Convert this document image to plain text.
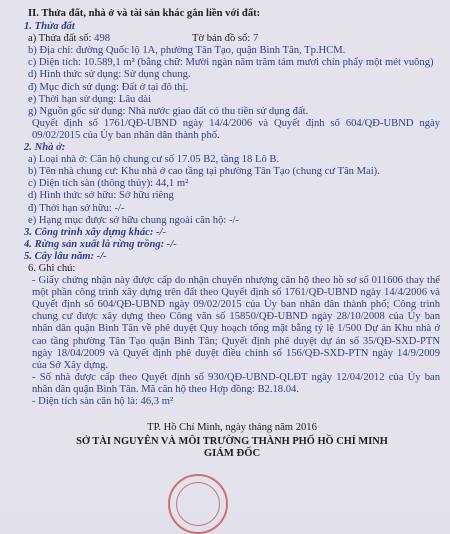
II. Thửa đất, nhà ở và tài sản khác gắn liền với đất:
1. Thửa đất
a) Thửa đất số: 498	Tờ bản đồ số: 7
b) Địa chỉ: đường Quốc lộ 1A, phường Tân Tạo, quận Bình Tân, Tp.HCM.
c) Diện tích: 10.589,1 m² (bằng chữ: Mười ngàn năm trăm tám mươi chín phẩy một mét vuông)
d) Hình thức sử dụng: Sử dụng chung.
đ) Mục đích sử dụng: Đất ở tại đô thị.
e) Thời hạn sử dụng: Lâu dài
g) Nguồn gốc sử dụng: Nhà nước giao đất có thu tiền sử dụng đất.
Quyết định số 1761/QĐ-UBND ngày 14/4/2006 và Quyết định số 604/QĐ-UBND ngày 09/02/2015 của Ủy ban nhân dân thành phố.
2. Nhà ở:
a) Loại nhà ở: Căn hộ chung cư số 17.05 B2, tầng 18 Lô B.
b) Tên nhà chung cư: Khu nhà ở cao tầng tại phường Tân Tạo (chung cư Tân Mai).
c) Diện tích sàn (thông thủy): 44,1 m²
d) Hình thức sở hữu: Sở hữu riêng
đ) Thời hạn sở hữu: -/-
e) Hạng mục được sở hữu chung ngoài căn hộ: -/-
3. Công trình xây dựng khác: -/-
4. Rừng sản xuất là rừng trồng: -/-
5. Cây lâu năm: -/-
6. Ghi chú:
- Giấy chứng nhận này được cấp do nhận chuyển nhượng căn hộ theo hồ sơ số 011606 thay thế một phần công trình xây dựng trên đất theo Quyết định số 1761/QĐ-UBND ngày 14/4/2006 và Quyết định số 604/QĐ-UBND ngày 09/02/2015 của Ủy ban nhân dân thành phố; Công trình chung cư được xây dựng theo Công văn số 15850/QĐ-UBND ngày 28/10/2008 của Ủy ban nhân dân quận Bình Tân về phê duyệt Quy hoạch tổng mặt bằng tỷ lệ 1/500 Dự án Khu nhà ở cao tầng phường Tân Tạo quận Bình Tân; Quyết định phê duyệt dự án số 35/QĐ-SXD-PTN ngày 18/04/2009 và Quyết định phê duyệt điều chỉnh số 156/QĐ-SXD-PTN ngày 14/9/2009 của Sở Xây dựng.
- Số nhà được cấp theo Quyết định số 930/QĐ-UBND-QLĐT ngày 12/04/2012 của Ủy ban nhân dân quận Bình Tân. Mã căn hộ theo Hợp đồng: B2.18.04.
- Diện tích sàn căn hộ là: 46,3 m²
TP. Hồ Chí Minh, ngày tháng năm 2016
SỞ TÀI NGUYÊN VÀ MÔI TRƯỜNG THÀNH PHỐ HỒ CHÍ MINH
GIÁM ĐỐC
